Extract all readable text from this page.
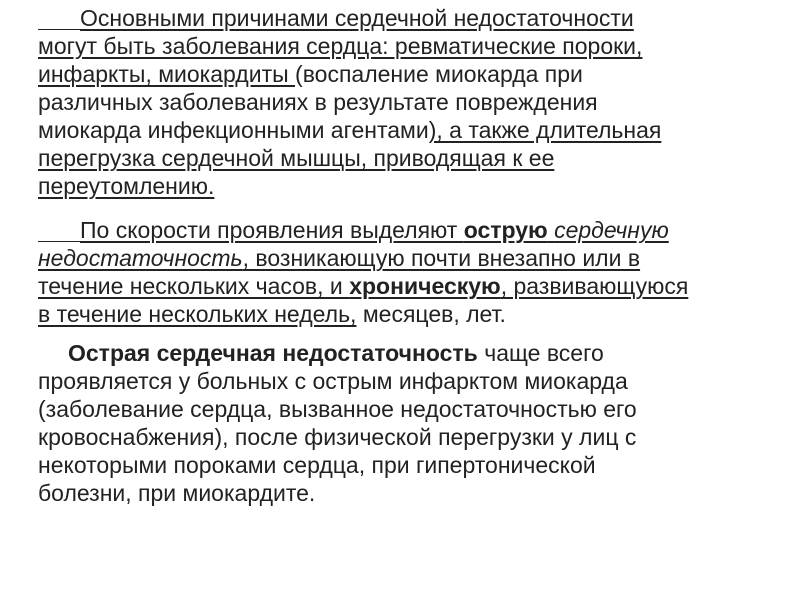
Основными причинами сердечной недостаточности
могут быть заболевания сердца: ревматические пороки,
инфаркты, миокардиты (воспаление миокарда при
различных заболеваниях в результате повреждения
миокарда инфекционными агентами), а также длительная
перегрузка сердечной мышцы, приводящая к ее
переутомлению.

По скорости проявления выделяют острую сердечную
недостаточность, возникающую почти внезапно или в
течение нескольких часов, и хроническую, развивающуюся
в течение нескольких недель, месяцев, лет.

Острая сердечная недостаточность чаще всего
проявляется у больных с острым инфарктом миокарда
(заболевание сердца, вызванное недостаточностью его
кровоснабжения), после физической перегрузки у лиц с
некоторыми пороками сердца, при гипертонической
болезни, при миокардите.
